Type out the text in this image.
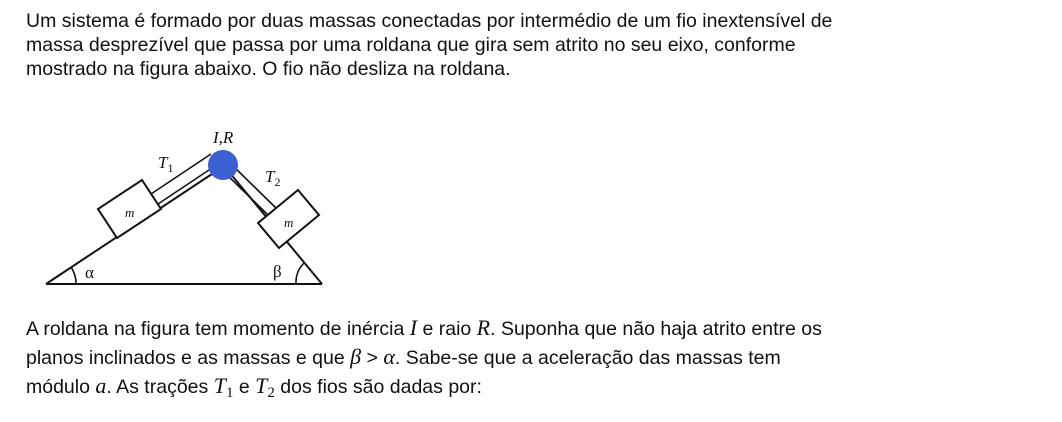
Um sistema é formado por duas massas conectadas por intermédio de um fio inextensível de
massa desprezível que passa por uma roldana que gira sem atrito no seu eixo, conforme
mostrado na figura abaixo. O fio não desliza na roldana.

m
m
I,R
$T_1$	$T_2$
α	β

A roldana na figura tem momento de inércia I e raio R. Suponha que não haja atrito entre os
planos inclinados e as massas e que β > α. Sabe-se que a aceleração das massas tem
módulo a. As trações $T_1$ e $T_2$ dos fios são dadas por:
